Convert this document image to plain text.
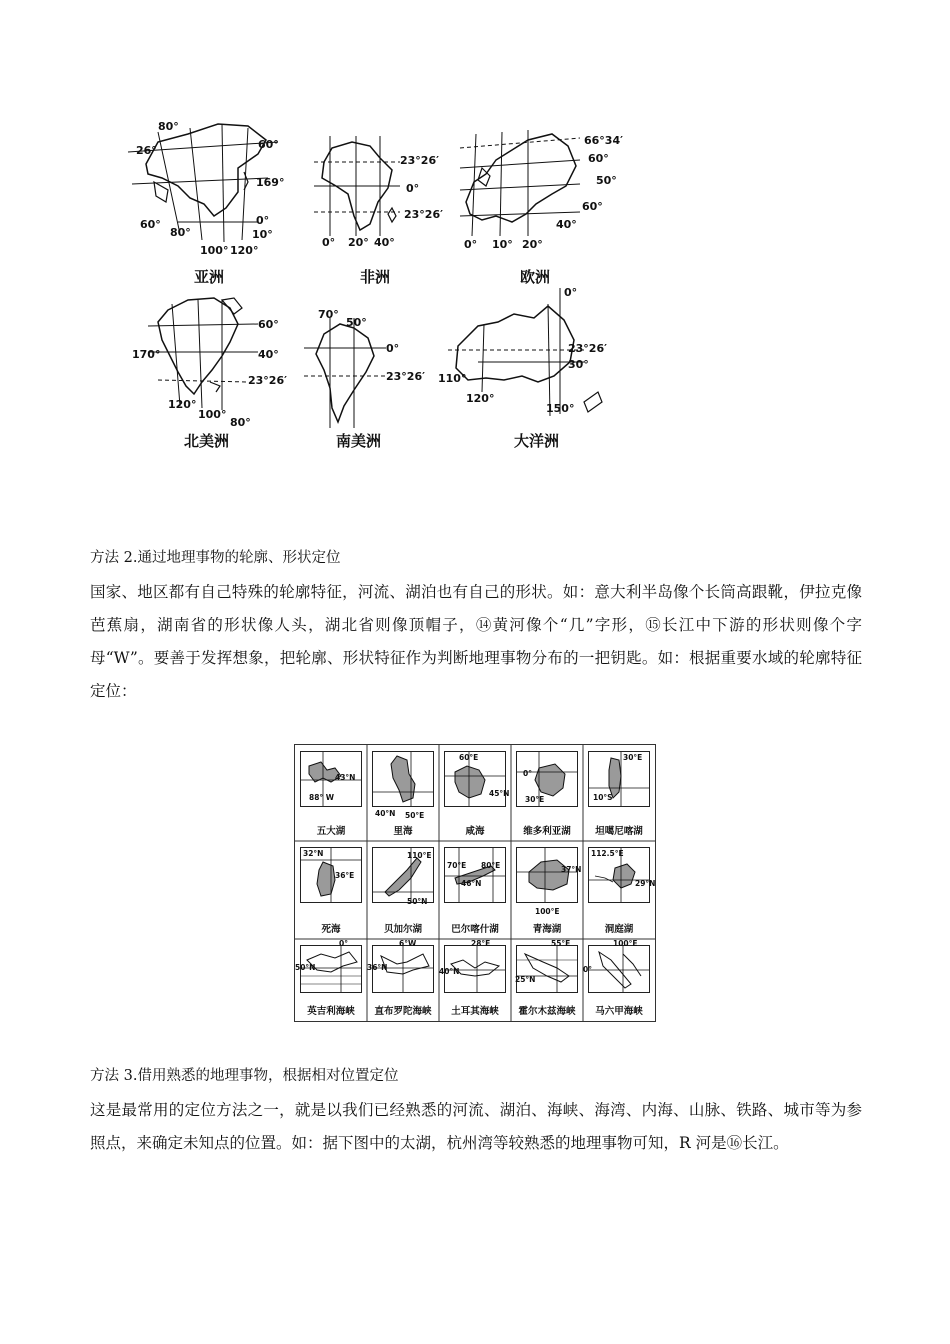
80°
26°	60°
169°
60°
80°
0°
10°
100° 120°
亚洲
23°26′
0°
23°26′
0° 20° 40°
非洲
66°34′
60°
50°
60°
40°
0° 10° 20°
欧洲
60°
170°	40°
23°26′
120°
100°
80°
北美洲
70°
50°
0°
23°26′
南美洲
0°
23°26′
110°
30°
120°
150°
大洋洲
方法 2.通过地理事物的轮廓、形状定位
国家、地区都有自己特殊的轮廓特征，河流、湖泊也有自己的形状。如：意大利半岛像个长筒高跟靴，伊拉克像芭蕉扇，湖南省的形状像人头，湖北省则像顶帽子，⑭黄河像个“几”字形，⑮长江中下游的形状则像个字母“W”。要善于发挥想象，把轮廓、形状特征作为判断地理事物分布的一把钥匙。如：根据重要水域的轮廓特征定位：
43°N
88° W
五大湖
40°N 50°E
里海
60°E
45°N
咸海
0°
30°E
维多利亚湖
30°E
10°S
坦噶尼喀湖
32°N
36°E
死海
110°E
50°N
贝加尔湖
70°E 80°E
46°N
巴尔喀什湖
37°N
100°E
青海湖
112.5°E
29°N
洞庭湖
0°
50°N
英吉利海峡
6°W
36°N
直布罗陀海峡
28°E
40°N
土耳其海峡
55°E
25°N
霍尔木兹海峡
100°E
0°
马六甲海峡
方法 3.借用熟悉的地理事物，根据相对位置定位
这是最常用的定位方法之一，就是以我们已经熟悉的河流、湖泊、海峡、海湾、内海、山脉、铁路、城市等为参照点，来确定未知点的位置。如：据下图中的太湖，杭州湾等较熟悉的地理事物可知，R 河是⑯长江。
